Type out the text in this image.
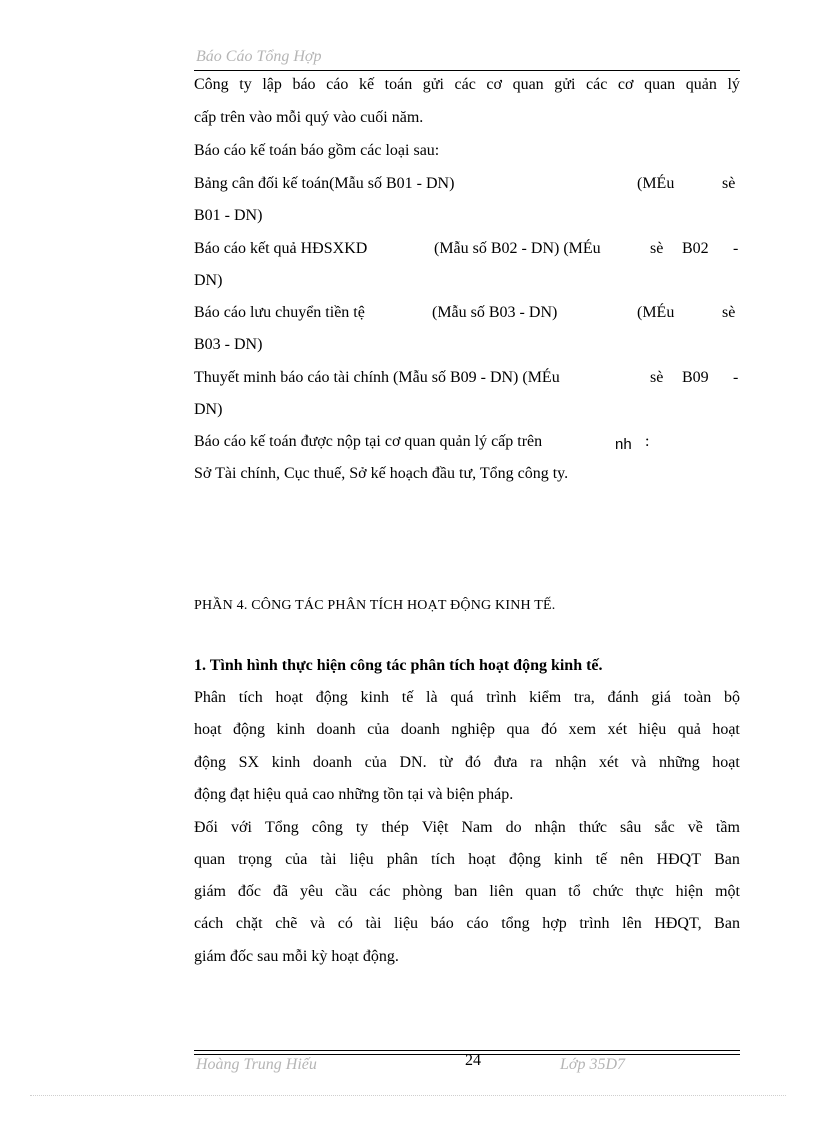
Báo Cáo Tổng Hợp
Công ty lập báo cáo kế toán gửi các cơ quan gửi các cơ quan quản lý
cấp trên vào mỗi quý vào cuối năm.
Báo cáo kế toán báo gồm các loại sau:
Bảng cân đối kế toán(Mẫu số B01 - DN)	(MÉu	sè
B01 - DN)
Báo cáo kết quả HĐSXKD	(Mẫu số B02 - DN) (MÉu	sè B02 -
DN)
Báo cáo lưu chuyển tiền tệ	(Mẫu số B03 - DN)	(MÉu	sè
B03 - DN)
Thuyết minh báo cáo tài chính (Mẫu số B09 - DN) (MÉu	sè B09 -
DN)
Báo cáo kế toán được nộp tại cơ quan quản lý cấp trên	nh :
Sở Tài chính, Cục thuế, Sở kế hoạch đầu tư, Tổng công ty.
PHẦN 4. CÔNG TÁC PHÂN TÍCH HOẠT ĐỘNG KINH TẾ.
1. Tình hình thực hiện công tác phân tích hoạt động kinh tế.
Phân tích hoạt động kinh tế là quá trình kiểm tra, đánh giá toàn bộ
hoạt động kinh doanh của doanh nghiệp qua đó xem xét hiệu quả hoạt
động SX kinh doanh của DN. từ đó đưa ra nhận xét và những hoạt
động đạt hiệu quả cao những tồn tại và biện pháp.
Đối với Tổng công ty thép Việt Nam do nhận thức sâu sắc về tầm
quan trọng của tài liệu phân tích hoạt động kinh tế nên HĐQT Ban
giám đốc đã yêu cầu các phòng ban liên quan tổ chức thực hiện một
cách chặt chẽ và có tài liệu báo cáo tổng hợp trình lên HĐQT, Ban
giám đốc sau mỗi kỳ hoạt động.
Hoàng Trung Hiếu	24	Lớp 35D7
